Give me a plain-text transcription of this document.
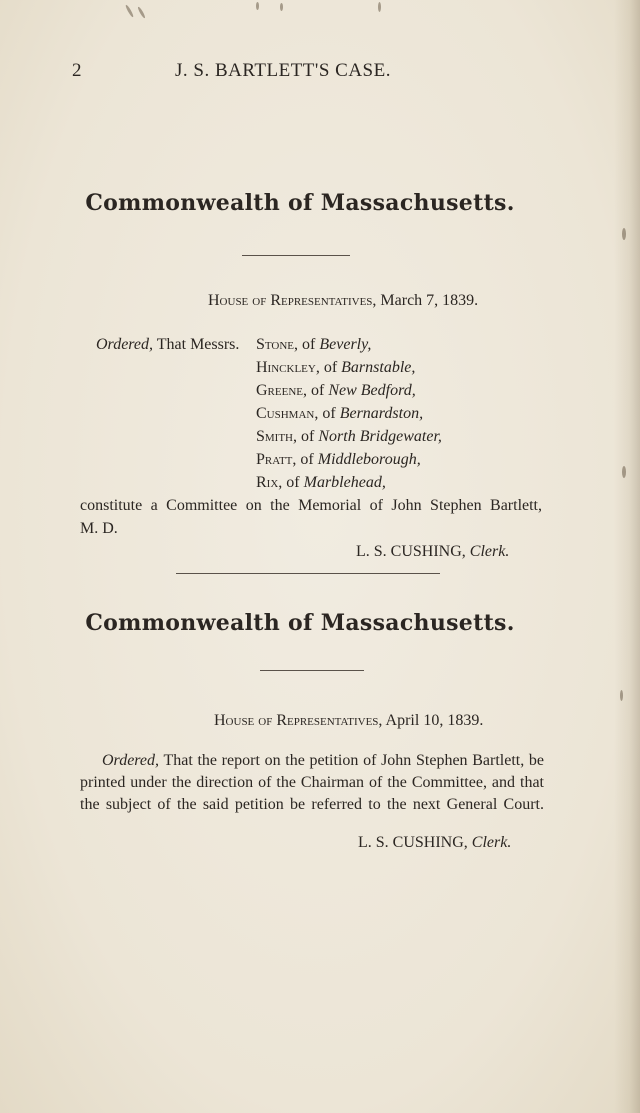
2	J. S. BARTLETT'S CASE.
Commonwealth of Massachusetts.
House of Representatives, March 7, 1839.
Ordered, That Messrs. Stone, of Beverly,
Hinckley, of Barnstable,
Greene, of New Bedford,
Cushman, of Bernardston,
Smith, of North Bridgewater,
Pratt, of Middleborough,
Rix, of Marblehead,
constitute a Committee on the Memorial of John Stephen Bartlett,
M. D.
L. S. CUSHING, Clerk.
Commonwealth of Massachusetts.
House of Representatives, April 10, 1839.
Ordered, That the report on the petition of John Stephen Bartlett, be
printed under the direction of the Chairman of the Committee, and that
the subject of the said petition be referred to the next General Court.
L. S. CUSHING, Clerk.
